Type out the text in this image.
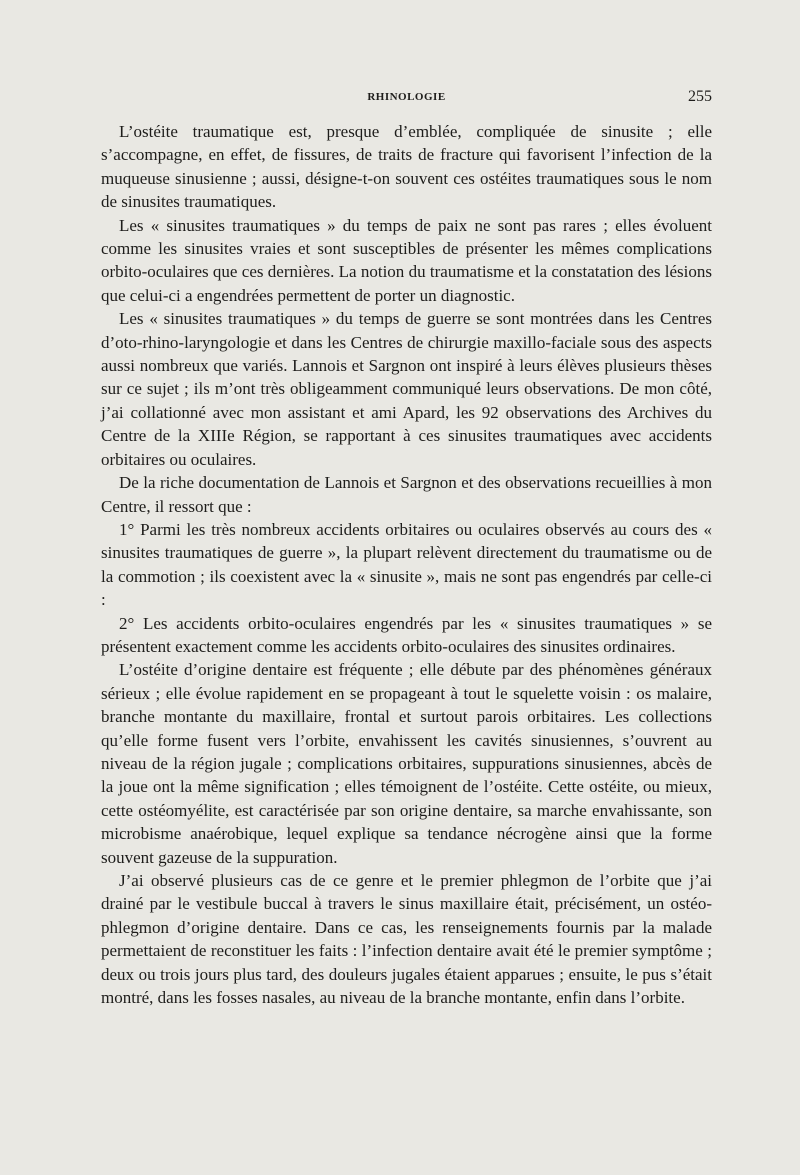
RHINOLOGIE	255

L’ostéite traumatique est, presque d’emblée, compliquée de sinusite ; elle s’accompagne, en effet, de fissures, de traits de fracture qui favorisent l’infection de la muqueuse sinusienne ; aussi, désigne-t-on souvent ces ostéites traumatiques sous le nom de sinusites traumatiques.

Les « sinusites traumatiques » du temps de paix ne sont pas rares ; elles évoluent comme les sinusites vraies et sont susceptibles de présenter les mêmes complications orbito-oculaires que ces dernières. La notion du traumatisme et la constatation des lésions que celui-ci a engendrées permettent de porter un diagnostic.

Les « sinusites traumatiques » du temps de guerre se sont montrées dans les Centres d’oto-rhino-laryngologie et dans les Centres de chirurgie maxillo-faciale sous des aspects aussi nombreux que variés. Lannois et Sargnon ont inspiré à leurs élèves plusieurs thèses sur ce sujet ; ils m’ont très obligeamment communiqué leurs observations. De mon côté, j’ai collationné avec mon assistant et ami Apard, les 92 observations des Archives du Centre de la XIIIe Région, se rapportant à ces sinusites traumatiques avec accidents orbitaires ou oculaires.

De la riche documentation de Lannois et Sargnon et des observations recueillies à mon Centre, il ressort que :

1° Parmi les très nombreux accidents orbitaires ou oculaires observés au cours des « sinusites traumatiques de guerre », la plupart relèvent directement du traumatisme ou de la commotion ; ils coexistent avec la « sinusite », mais ne sont pas engendrés par celle-ci :

2° Les accidents orbito-oculaires engendrés par les « sinusites traumatiques » se présentent exactement comme les accidents orbito-oculaires des sinusites ordinaires.

L’ostéite d’origine dentaire est fréquente ; elle débute par des phénomènes généraux sérieux ; elle évolue rapidement en se propageant à tout le squelette voisin : os malaire, branche montante du maxillaire, frontal et surtout parois orbitaires. Les collections qu’elle forme fusent vers l’orbite, envahissent les cavités sinusiennes, s’ouvrent au niveau de la région jugale ; complications orbitaires, suppurations sinusiennes, abcès de la joue ont la même signification ; elles témoignent de l’ostéite. Cette ostéite, ou mieux, cette ostéomyélite, est caractérisée par son origine dentaire, sa marche envahissante, son microbisme anaérobique, lequel explique sa tendance nécrogène ainsi que la forme souvent gazeuse de la suppuration.

J’ai observé plusieurs cas de ce genre et le premier phlegmon de l’orbite que j’ai drainé par le vestibule buccal à travers le sinus maxillaire était, précisément, un ostéo-phlegmon d’origine dentaire. Dans ce cas, les renseignements fournis par la malade permettaient de reconstituer les faits : l’infection dentaire avait été le premier symptôme ; deux ou trois jours plus tard, des douleurs jugales étaient apparues ; ensuite, le pus s’était montré, dans les fosses nasales, au niveau de la branche montante, enfin dans l’orbite.
